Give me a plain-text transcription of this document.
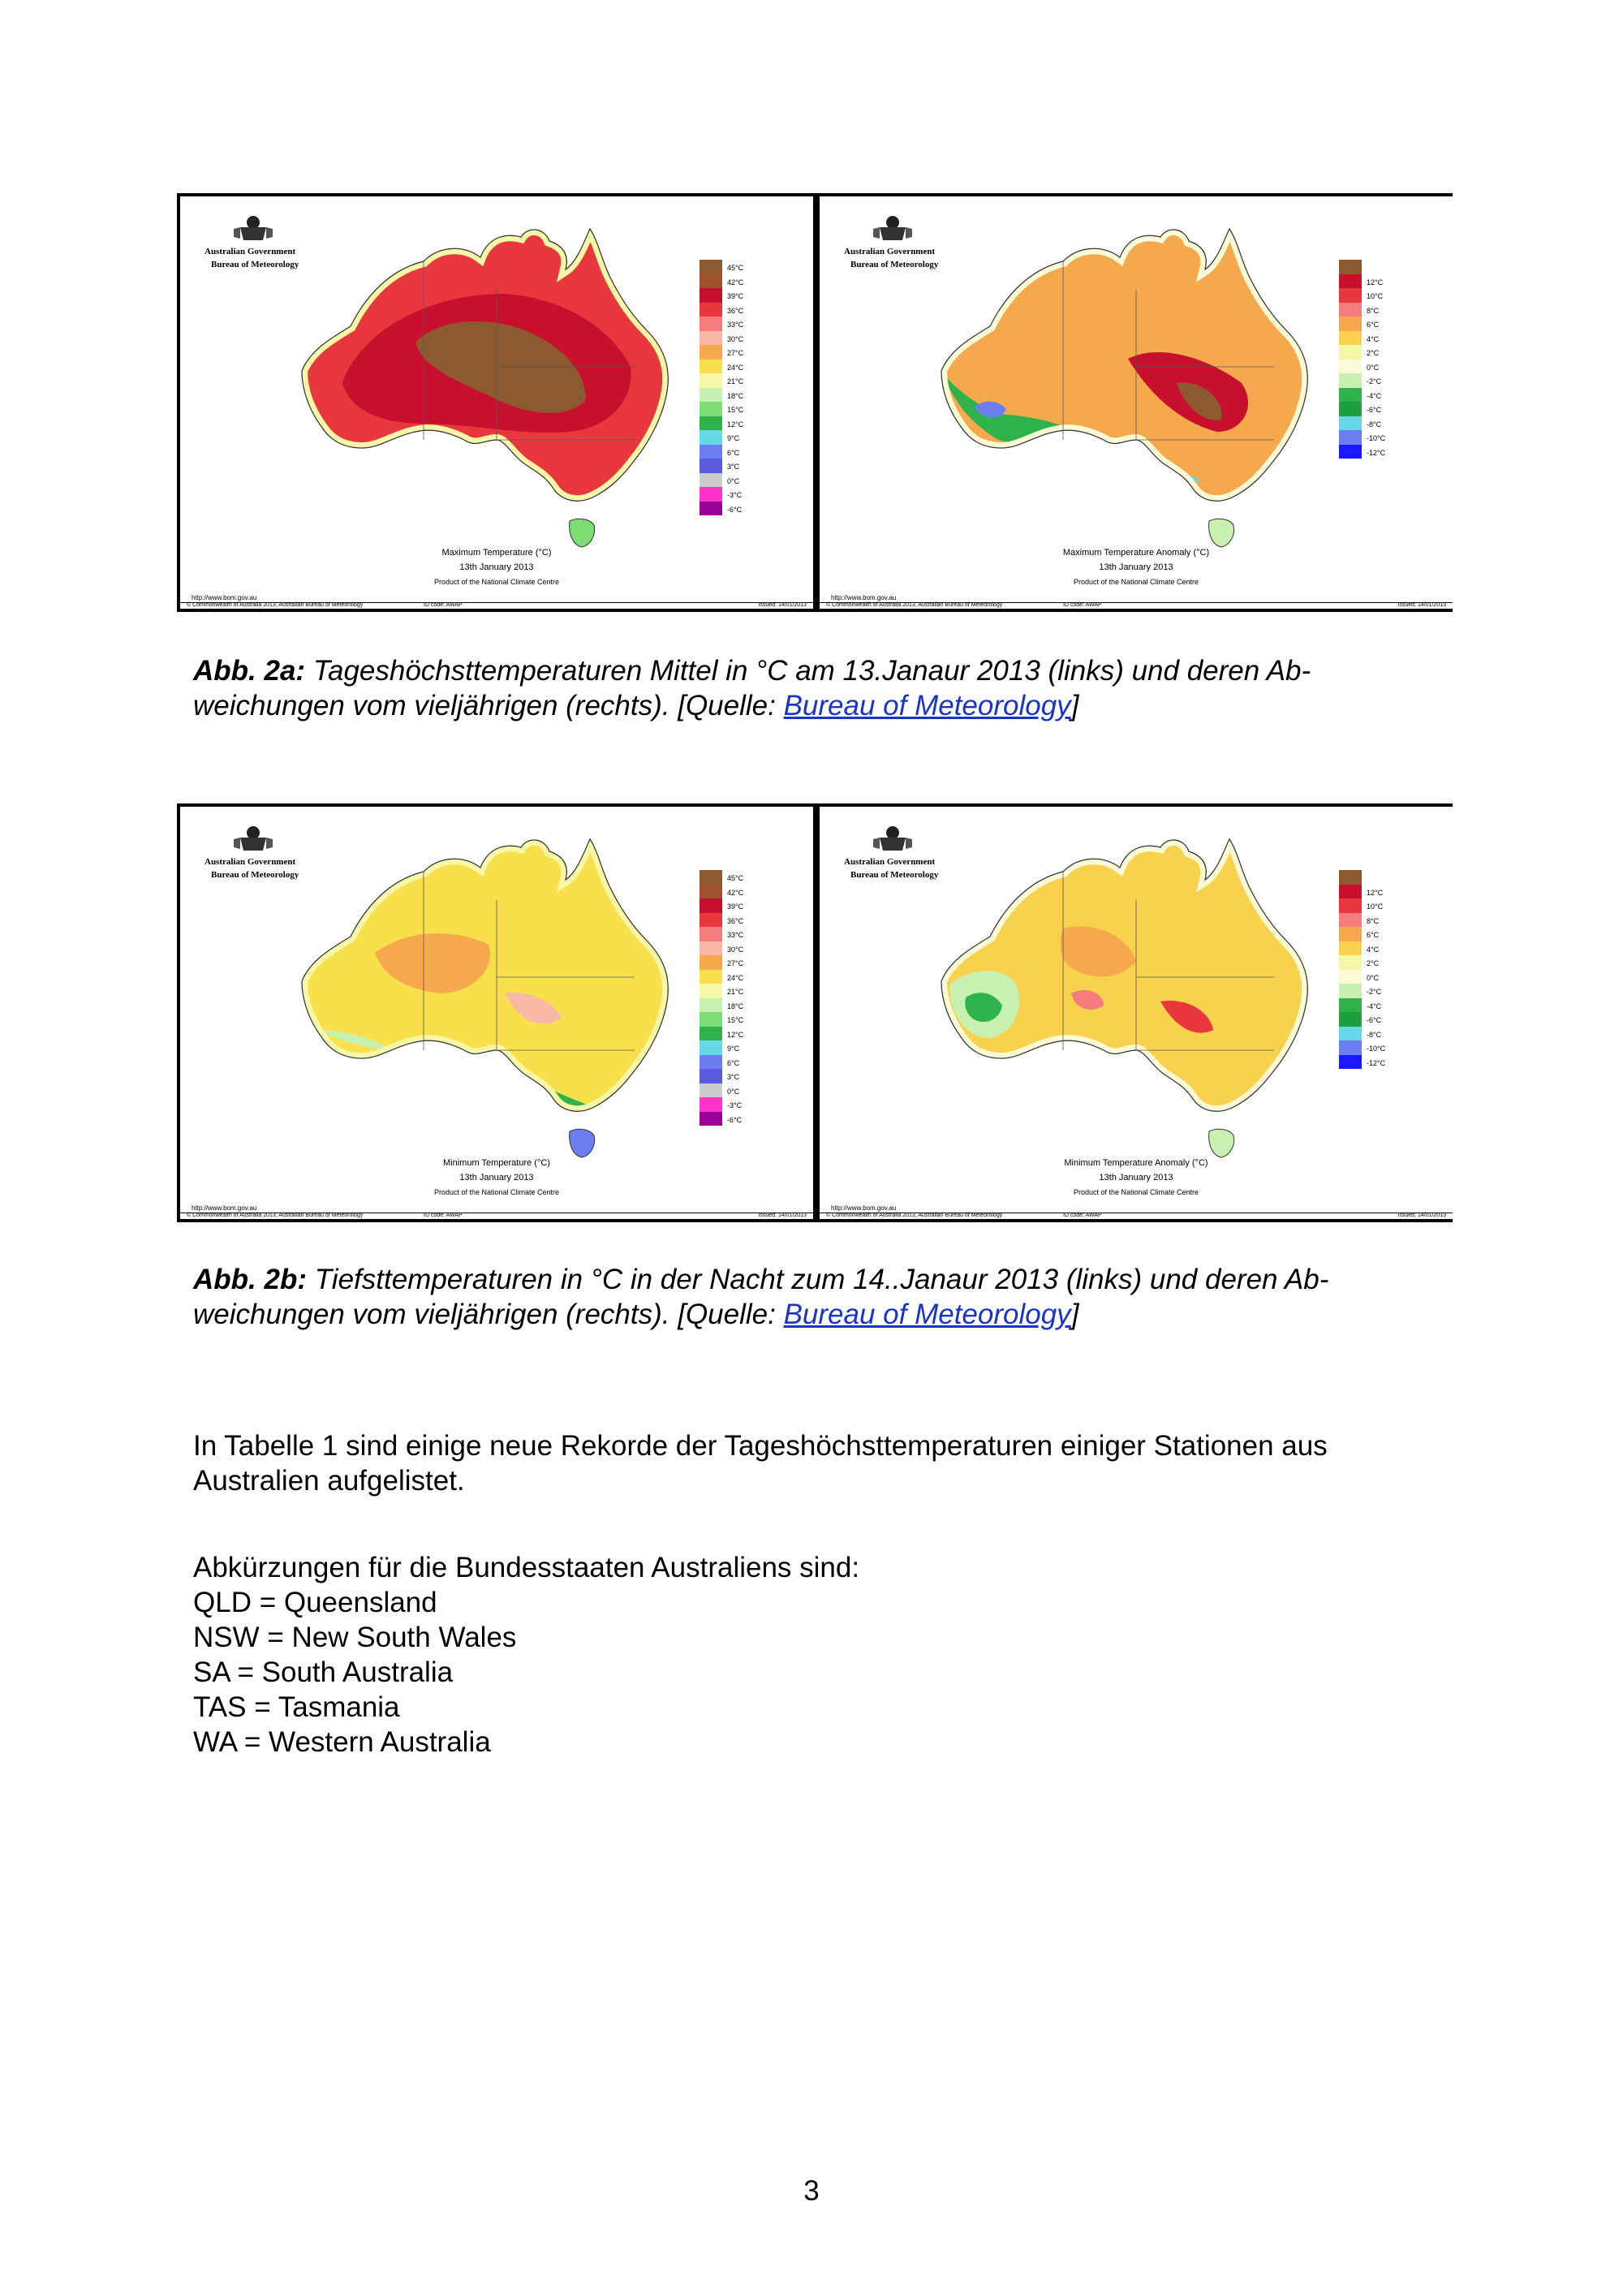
Australian Government
Bureau of Meteorology	45°C
42°C
39°C
36°C
33°C
30°C
27°C
24°C
21°C
18°C
15°C
12°C
9°C
6°C
3°C
0°C
-3°C
-6°C
Maximum Temperature (°C)
13th January 2013
Product of the National Climate Centre
http://www.bom.gov.au
© Commonwealth of Australia 2013, Australian Bureau of Meteorology	ID code: AWAP	Issued: 14/01/2013
Australian Government
Bureau of Meteorology
12°C
10°C
8°C
6°C
4°C
2°C
0°C
-2°C
-4°C
-6°C
-8°C
-10°C
-12°C
Maximum Temperature Anomaly (°C)
13th January 2013
Product of the National Climate Centre
http://www.bom.gov.au
© Commonwealth of Australia 2013, Australian Bureau of Meteorology	ID code: AWAP	Issued: 14/01/2013
Abb. 2a: Tageshöchsttemperaturen Mittel in °C am 13.Janaur 2013 (links) und deren Ab-
weichungen vom vieljährigen (rechts). [Quelle: Bureau of Meteorology]
Australian Government
Bureau of Meteorology	45°C
42°C
39°C
36°C
33°C
30°C
27°C
24°C
21°C
18°C
15°C
12°C
9°C
6°C
3°C
0°C
-3°C
-6°C
Minimum Temperature (°C)
13th January 2013
Product of the National Climate Centre
http://www.bom.gov.au
© Commonwealth of Australia 2013, Australian Bureau of Meteorology	ID code: AWAP	Issued: 14/01/2013
Australian Government
Bureau of Meteorology
12°C
10°C
8°C
6°C
4°C
2°C
0°C
-2°C
-4°C
-6°C
-8°C
-10°C
-12°C
Minimum Temperature Anomaly (°C)
13th January 2013
Product of the National Climate Centre
http://www.bom.gov.au
© Commonwealth of Australia 2013, Australian Bureau of Meteorology	ID code: AWAP	Issued: 14/01/2013
Abb. 2b: Tiefsttemperaturen in °C in der Nacht zum 14..Janaur 2013 (links) und deren Ab-
weichungen vom vieljährigen (rechts). [Quelle: Bureau of Meteorology]
In Tabelle 1 sind einige neue Rekorde der Tageshöchsttemperaturen einiger Stationen aus
Australien aufgelistet.
Abkürzungen für die Bundesstaaten Australiens sind:
QLD = Queensland
NSW = New South Wales
SA = South Australia
TAS = Tasmania
WA = Western Australia
3
